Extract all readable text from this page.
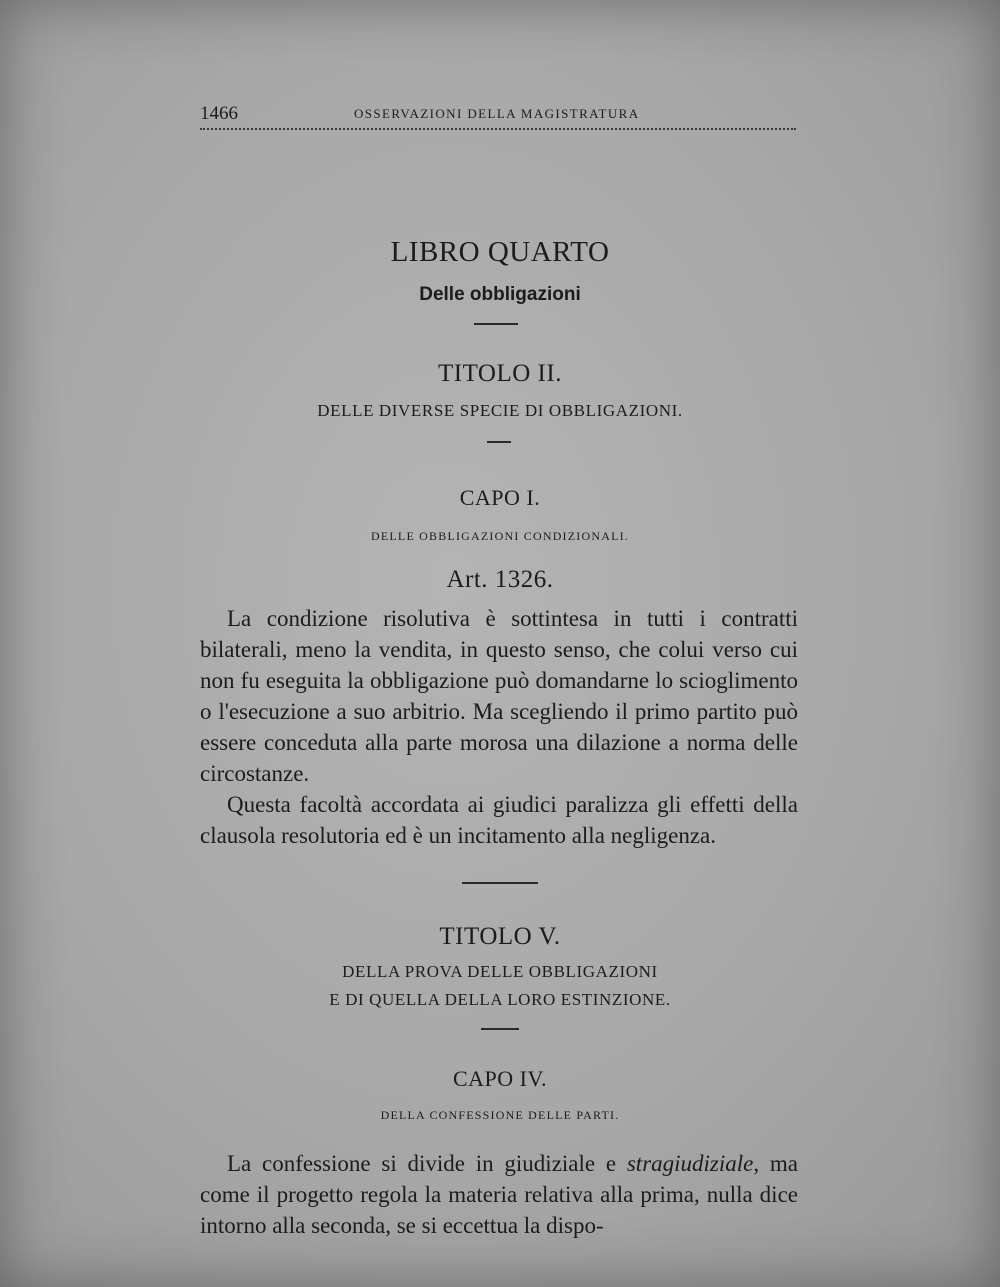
1466	OSSERVAZIONI DELLA MAGISTRATURA
LIBRO QUARTO
Delle obbligazioni
TITOLO II.
DELLE DIVERSE SPECIE DI OBBLIGAZIONI.
CAPO I.
DELLE OBBLIGAZIONI CONDIZIONALI.
Art. 1326.

La condizione risolutiva è sottintesa in tutti i contratti bilaterali, meno la vendita, in questo senso, che colui verso cui non fu eseguita la obbligazione può domandarne lo scioglimento o l'esecuzione a suo arbitrio. Ma scegliendo il primo partito può essere conceduta alla parte morosa una dilazione a norma delle circostanze.

Questa facoltà accordata ai giudici paralizza gli effetti della clausola resolutoria ed è un incitamento alla negligenza.

TITOLO V.
DELLA PROVA DELLE OBBLIGAZIONI
E DI QUELLA DELLA LORO ESTINZIONE.
CAPO IV.
DELLA CONFESSIONE DELLE PARTI.

La confessione si divide in giudiziale e stragiudiziale, ma come il progetto regola la materia relativa alla prima, nulla dice intorno alla seconda, se si eccettua la dispo-
